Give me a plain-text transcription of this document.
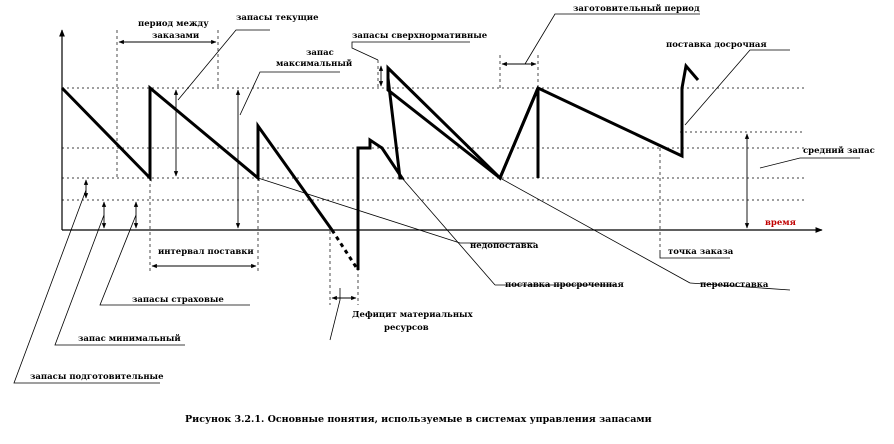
период между
заказами
запасы текущие
запас
максимальный
запасы сверхнормативные
заготовительный период
поставка досрочная
средний запас
время
точка заказа
недопоставка
поставка просроченная	перепоставка
интервал поставки
запасы страховые
Дефицит материальных
ресурсов
запас минимальный
запасы подготовительные
Рисунок 3.2.1. Основные понятия, используемые в системах управления запасами
